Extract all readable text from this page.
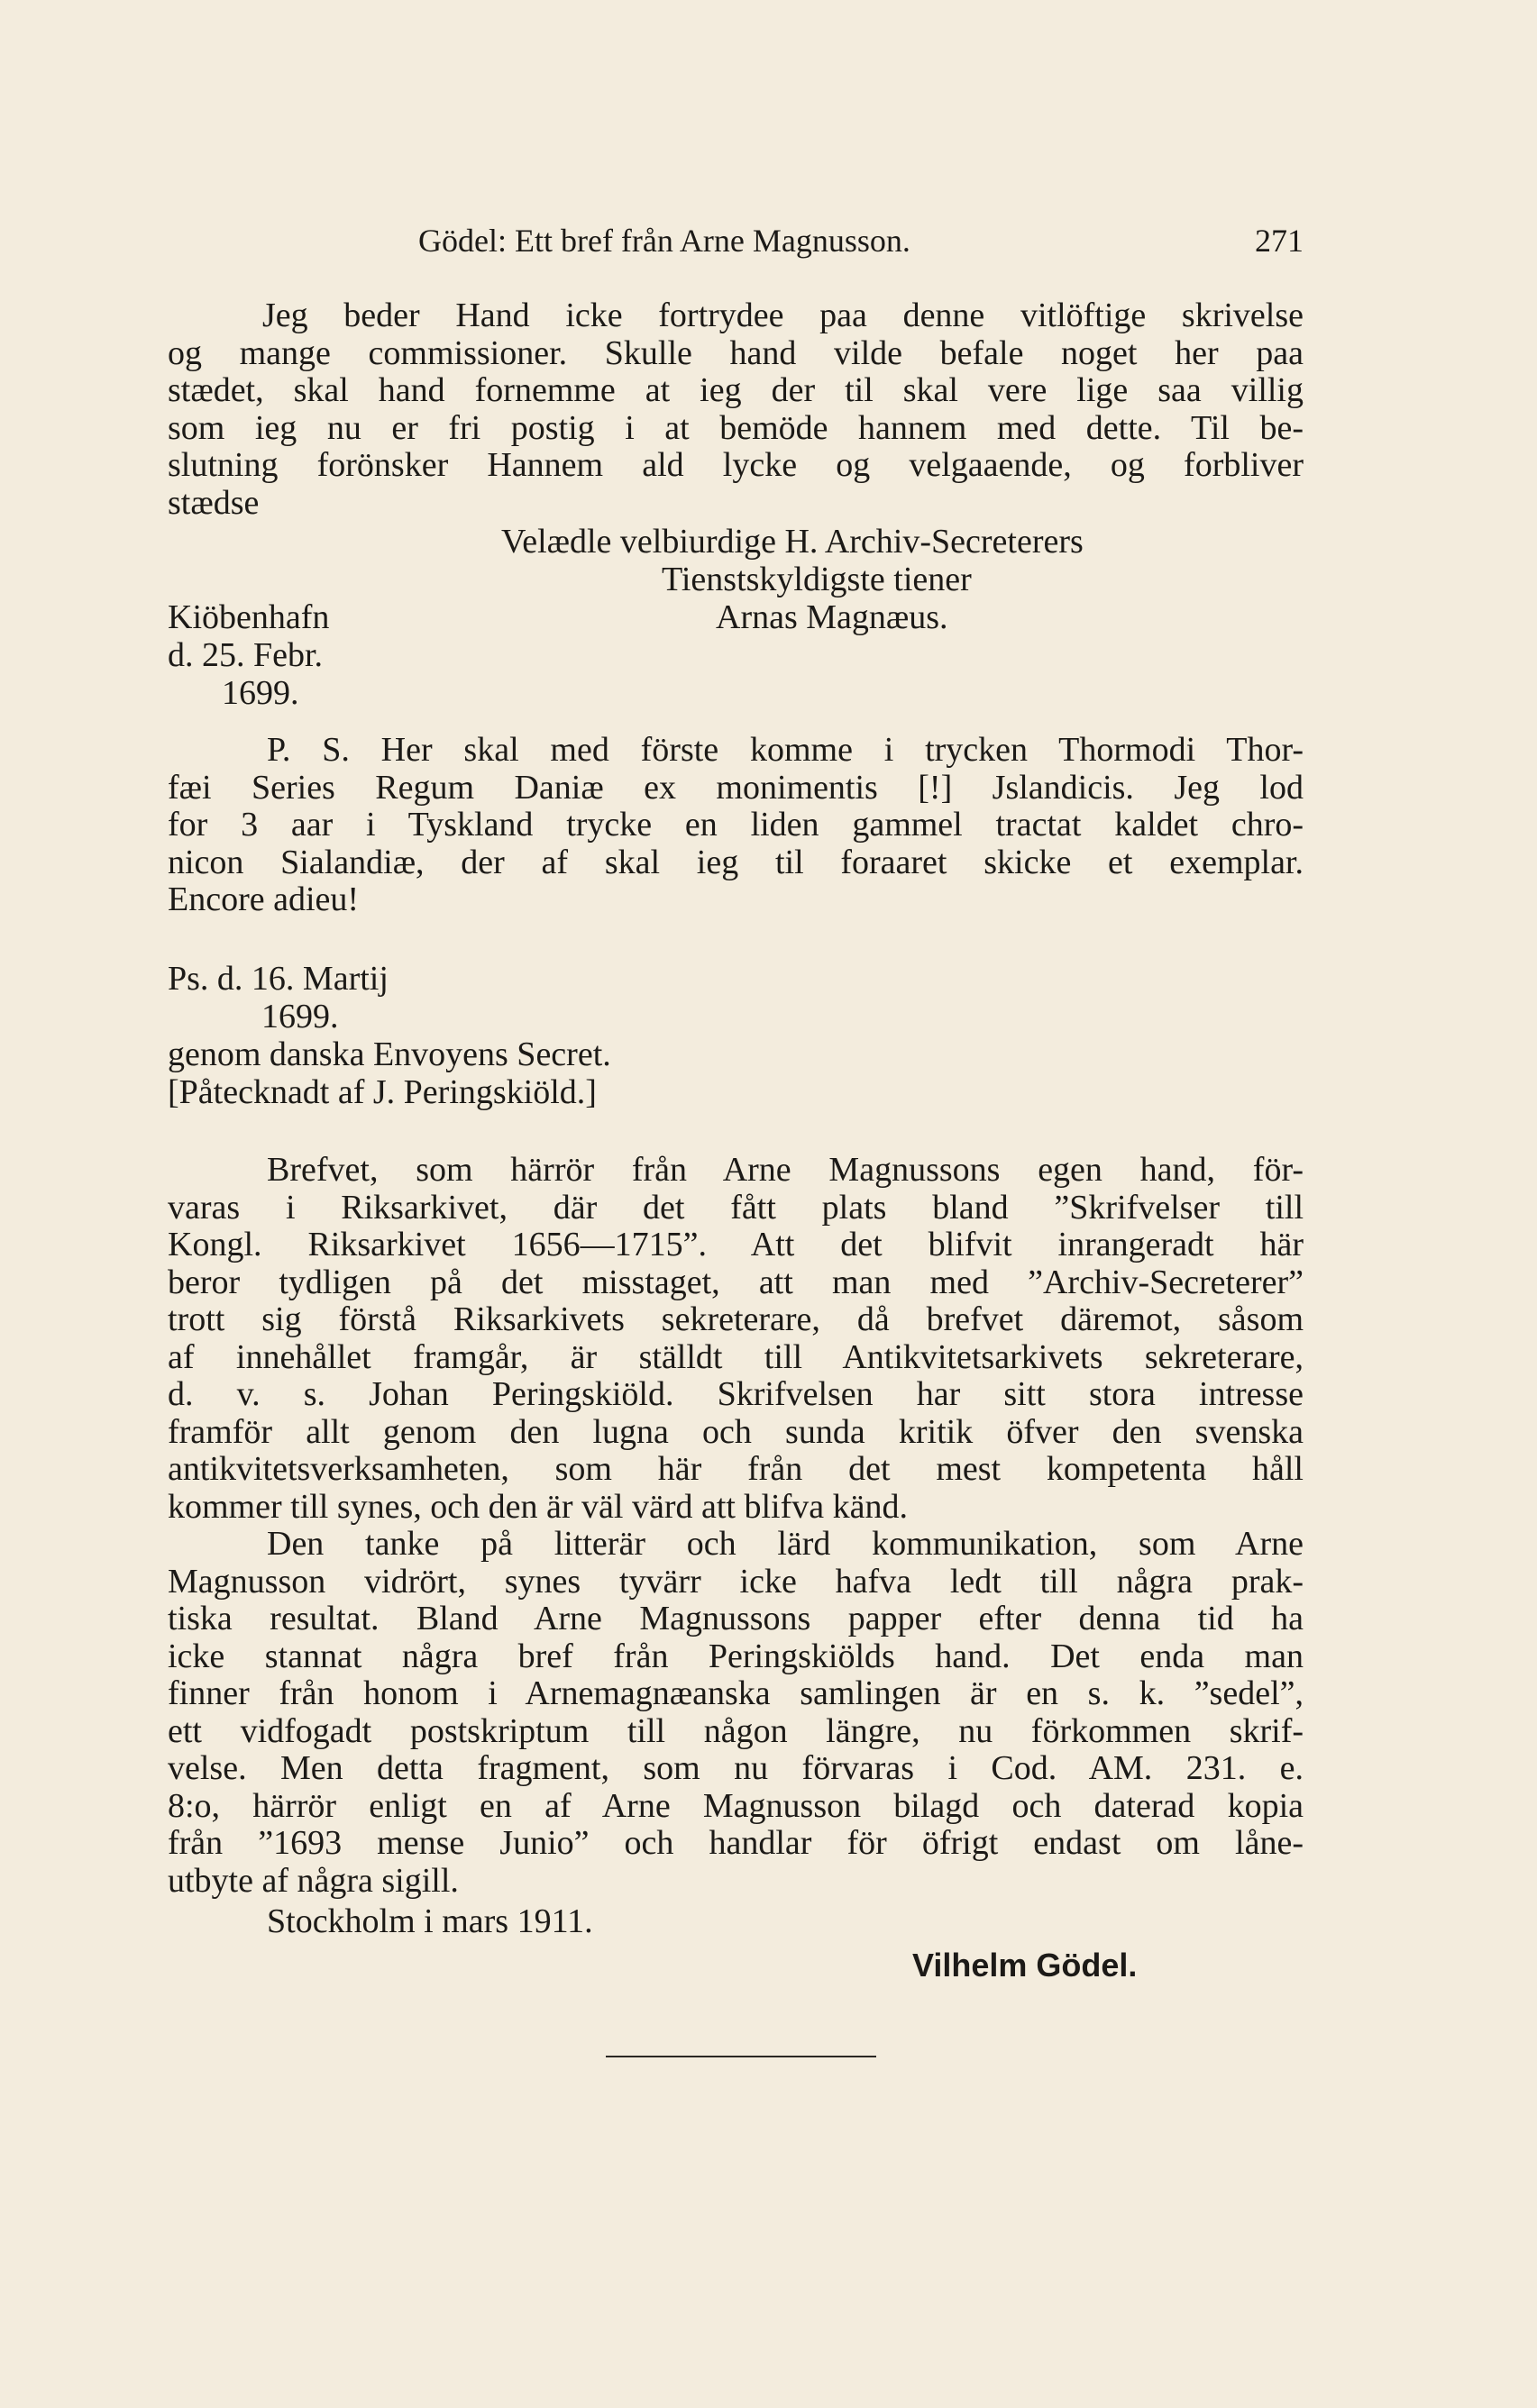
Gödel: Ett bref från Arne Magnusson.	271
Jeg beder Hand icke fortrydee paa denne vitlöftige skrivelse
og mange commissioner. Skulle hand vilde befale noget her paa
stædet, skal hand fornemme at ieg der til skal vere lige saa villig
som ieg nu er fri postig i at bemöde hannem med dette. Til be-
slutning forönsker Hannem ald lycke og velgaaende, og forbliver
stædse
Velædle velbiurdige H. Archiv-Secreterers
Tienstskyldigste tiener
Kiöbenhafn	Arnas Magnæus.
d. 25. Febr.
1699.
P. S. Her skal med förste komme i trycken Thormodi Thor-
fæi Series Regum Daniæ ex monimentis [!] Jslandicis. Jeg lod
for 3 aar i Tyskland trycke en liden gammel tractat kaldet chro-
nicon Sialandiæ, der af skal ieg til foraaret skicke et exemplar.
Encore adieu!
Ps. d. 16. Martij
1699.
genom danska Envoyens Secret.
[Påtecknadt af J. Peringskiöld.]
Brefvet, som härrör från Arne Magnussons egen hand, för-
varas i Riksarkivet, där det fått plats bland ”Skrifvelser till
Kongl. Riksarkivet 1656—1715”. Att det blifvit inrangeradt här
beror tydligen på det misstaget, att man med ”Archiv-Secreterer”
trott sig förstå Riksarkivets sekreterare, då brefvet däremot, såsom
af innehållet framgår, är ställdt till Antikvitetsarkivets sekreterare,
d. v. s. Johan Peringskiöld. Skrifvelsen har sitt stora intresse
framför allt genom den lugna och sunda kritik öfver den svenska
antikvitetsverksamheten, som här från det mest kompetenta håll
kommer till synes, och den är väl värd att blifva känd.
Den tanke på litterär och lärd kommunikation, som Arne
Magnusson vidrört, synes tyvärr icke hafva ledt till några prak-
tiska resultat. Bland Arne Magnussons papper efter denna tid ha
icke stannat några bref från Peringskiölds hand. Det enda man
finner från honom i Arnemagnæanska samlingen är en s. k. ”sedel”,
ett vidfogadt postskriptum till någon längre, nu förkommen skrif-
velse. Men detta fragment, som nu förvaras i Cod. AM. 231. e.
8:o, härrör enligt en af Arne Magnusson bilagd och daterad kopia
från ”1693 mense Junio” och handlar för öfrigt endast om låne-
utbyte af några sigill.
Stockholm i mars 1911.
Vilhelm Gödel.
